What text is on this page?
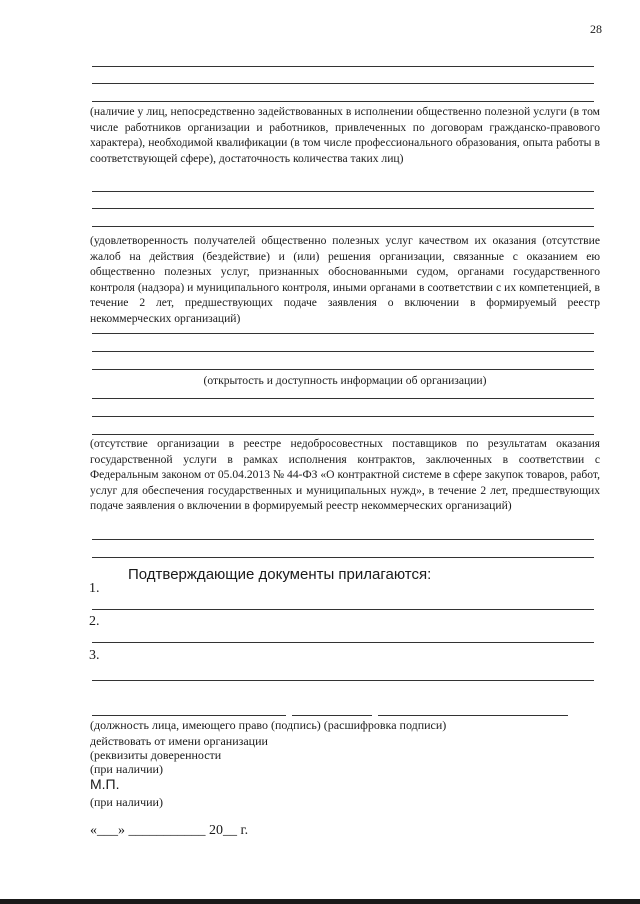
28
(наличие у лиц, непосредственно задействованных в исполнении общественно полезной услуги (в том числе работников организации и работников, привлеченных по договорам гражданско-правового характера), необходимой квалификации (в том числе профессионального образования, опыта работы в соответствующей сфере), достаточность количества таких лиц)
(удовлетворенность получателей общественно полезных услуг качеством их оказания (отсутствие жалоб на действия (бездействие) и (или) решения организации, связанные с оказанием ею общественно полезных услуг, признанных обоснованными судом, органами государственного контроля (надзора) и муниципального контроля, иными органами в соответствии с их компетенцией, в течение 2 лет, предшествующих подаче заявления о включении в формируемый реестр некоммерческих организаций)
(открытость и доступность информации об организации)
(отсутствие организации в реестре недобросовестных поставщиков по результатам оказания государственной услуги в рамках исполнения контрактов, заключенных в соответствии с Федеральным законом от 05.04.2013 № 44-ФЗ «О контрактной системе в сфере закупок товаров, работ, услуг для обеспечения государственных и муниципальных нужд», в течение 2 лет, предшествующих подаче заявления о включении в формируемый реестр некоммерческих организаций)
Подтверждающие документы прилагаются:
1.
2.
3.
(должность лица, имеющего право (подпись) (расшифровка подписи)
действовать от имени организации
(реквизиты доверенности
(при наличии)
М.П.
(при наличии)
«___» ___________ 20__ г.
